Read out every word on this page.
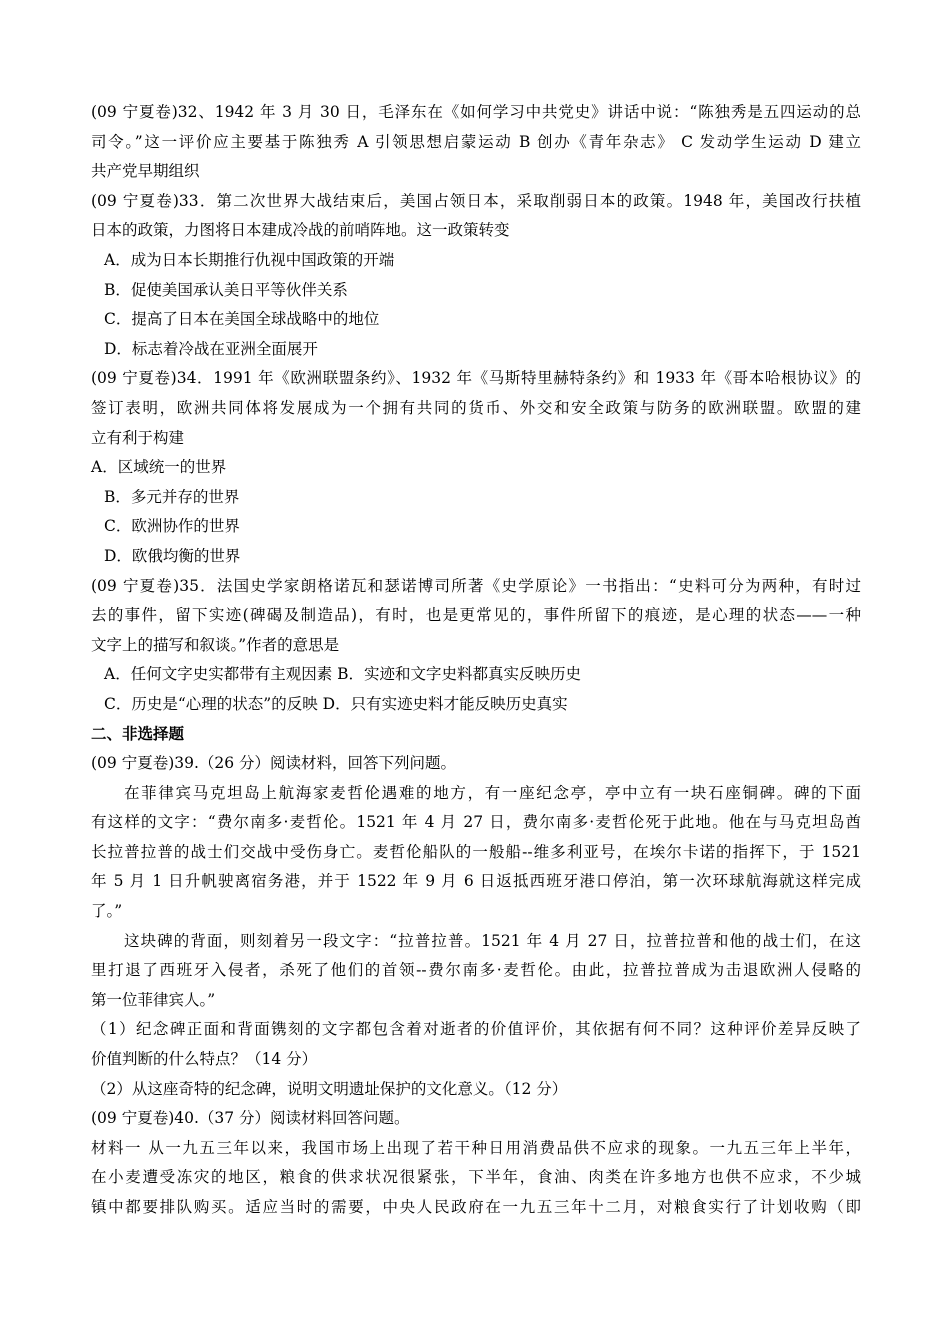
(09 宁夏卷)32、1942 年 3 月 30 日，毛泽东在《如何学习中共党史》讲话中说：“陈独秀是五四运动的总
司令。”这一评价应主要基于陈独秀 A 引领思想启蒙运动 B 创办《青年杂志》 C 发动学生运动 D 建立
共产党早期组织
(09 宁夏卷)33．第二次世界大战结束后，美国占领日本，采取削弱日本的政策。1948 年，美国改行扶植
日本的政策，力图将日本建成冷战的前哨阵地。这一政策转变
A．成为日本长期推行仇视中国政策的开端
B．促使美国承认美日平等伙伴关系
C．提高了日本在美国全球战略中的地位
D．标志着冷战在亚洲全面展开
(09 宁夏卷)34．1991 年《欧洲联盟条约》、1932 年《马斯特里赫特条约》和 1933 年《哥本哈根协议》的
签订表明，欧洲共同体将发展成为一个拥有共同的货币、外交和安全政策与防务的欧洲联盟。欧盟的建
立有利于构建
A．区域统一的世界
B．多元并存的世界
C．欧洲协作的世界
D．欧俄均衡的世界
(09 宁夏卷)35．法国史学家朗格诺瓦和瑟诺博司所著《史学原论》一书指出：“史料可分为两种，有时过
去的事件，留下实迹(碑碣及制造品)，有时，也是更常见的，事件所留下的痕迹，是心理的状态——一种
文字上的描写和叙谈。”作者的意思是
A．任何文字史实都带有主观因素 B．实迹和文字史料都真实反映历史
C．历史是“心理的状态”的反映 D．只有实迹史料才能反映历史真实
二、非选择题
(09 宁夏卷)39.（26 分）阅读材料，回答下列问题。
在菲律宾马克坦岛上航海家麦哲伦遇难的地方，有一座纪念亭，亭中立有一块石座铜碑。碑的下面
有这样的文字：“费尔南多·麦哲伦。1521 年 4 月 27 日，费尔南多·麦哲伦死于此地。他在与马克坦岛酋
长拉普拉普的战士们交战中受伤身亡。麦哲伦船队的一般船--维多利亚号，在埃尔卡诺的指挥下，于 1521
年 5 月 1 日升帆驶离宿务港，并于 1522 年 9 月 6 日返抵西班牙港口停泊，第一次环球航海就这样完成
了。”
这块碑的背面，则刻着另一段文字：“拉普拉普。1521 年 4 月 27 日，拉普拉普和他的战士们，在这
里打退了西班牙入侵者，杀死了他们的首领--费尔南多·麦哲伦。由此，拉普拉普成为击退欧洲人侵略的
第一位菲律宾人。”
（1）纪念碑正面和背面镌刻的文字都包含着对逝者的价值评价，其依据有何不同？这种评价差异反映了
价值判断的什么特点？（14 分）
（2）从这座奇特的纪念碑，说明文明遗址保护的文化意义。（12 分）
(09 宁夏卷)40.（37 分）阅读材料回答问题。
材料一 从一九五三年以来，我国市场上出现了若干种日用消费品供不应求的现象。一九五三年上半年，
在小麦遭受冻灾的地区，粮食的供求状况很紧张，下半年，食油、肉类在许多地方也供不应求，不少城
镇中都要排队购买。适应当时的需要，中央人民政府在一九五三年十二月，对粮食实行了计划收购（即
